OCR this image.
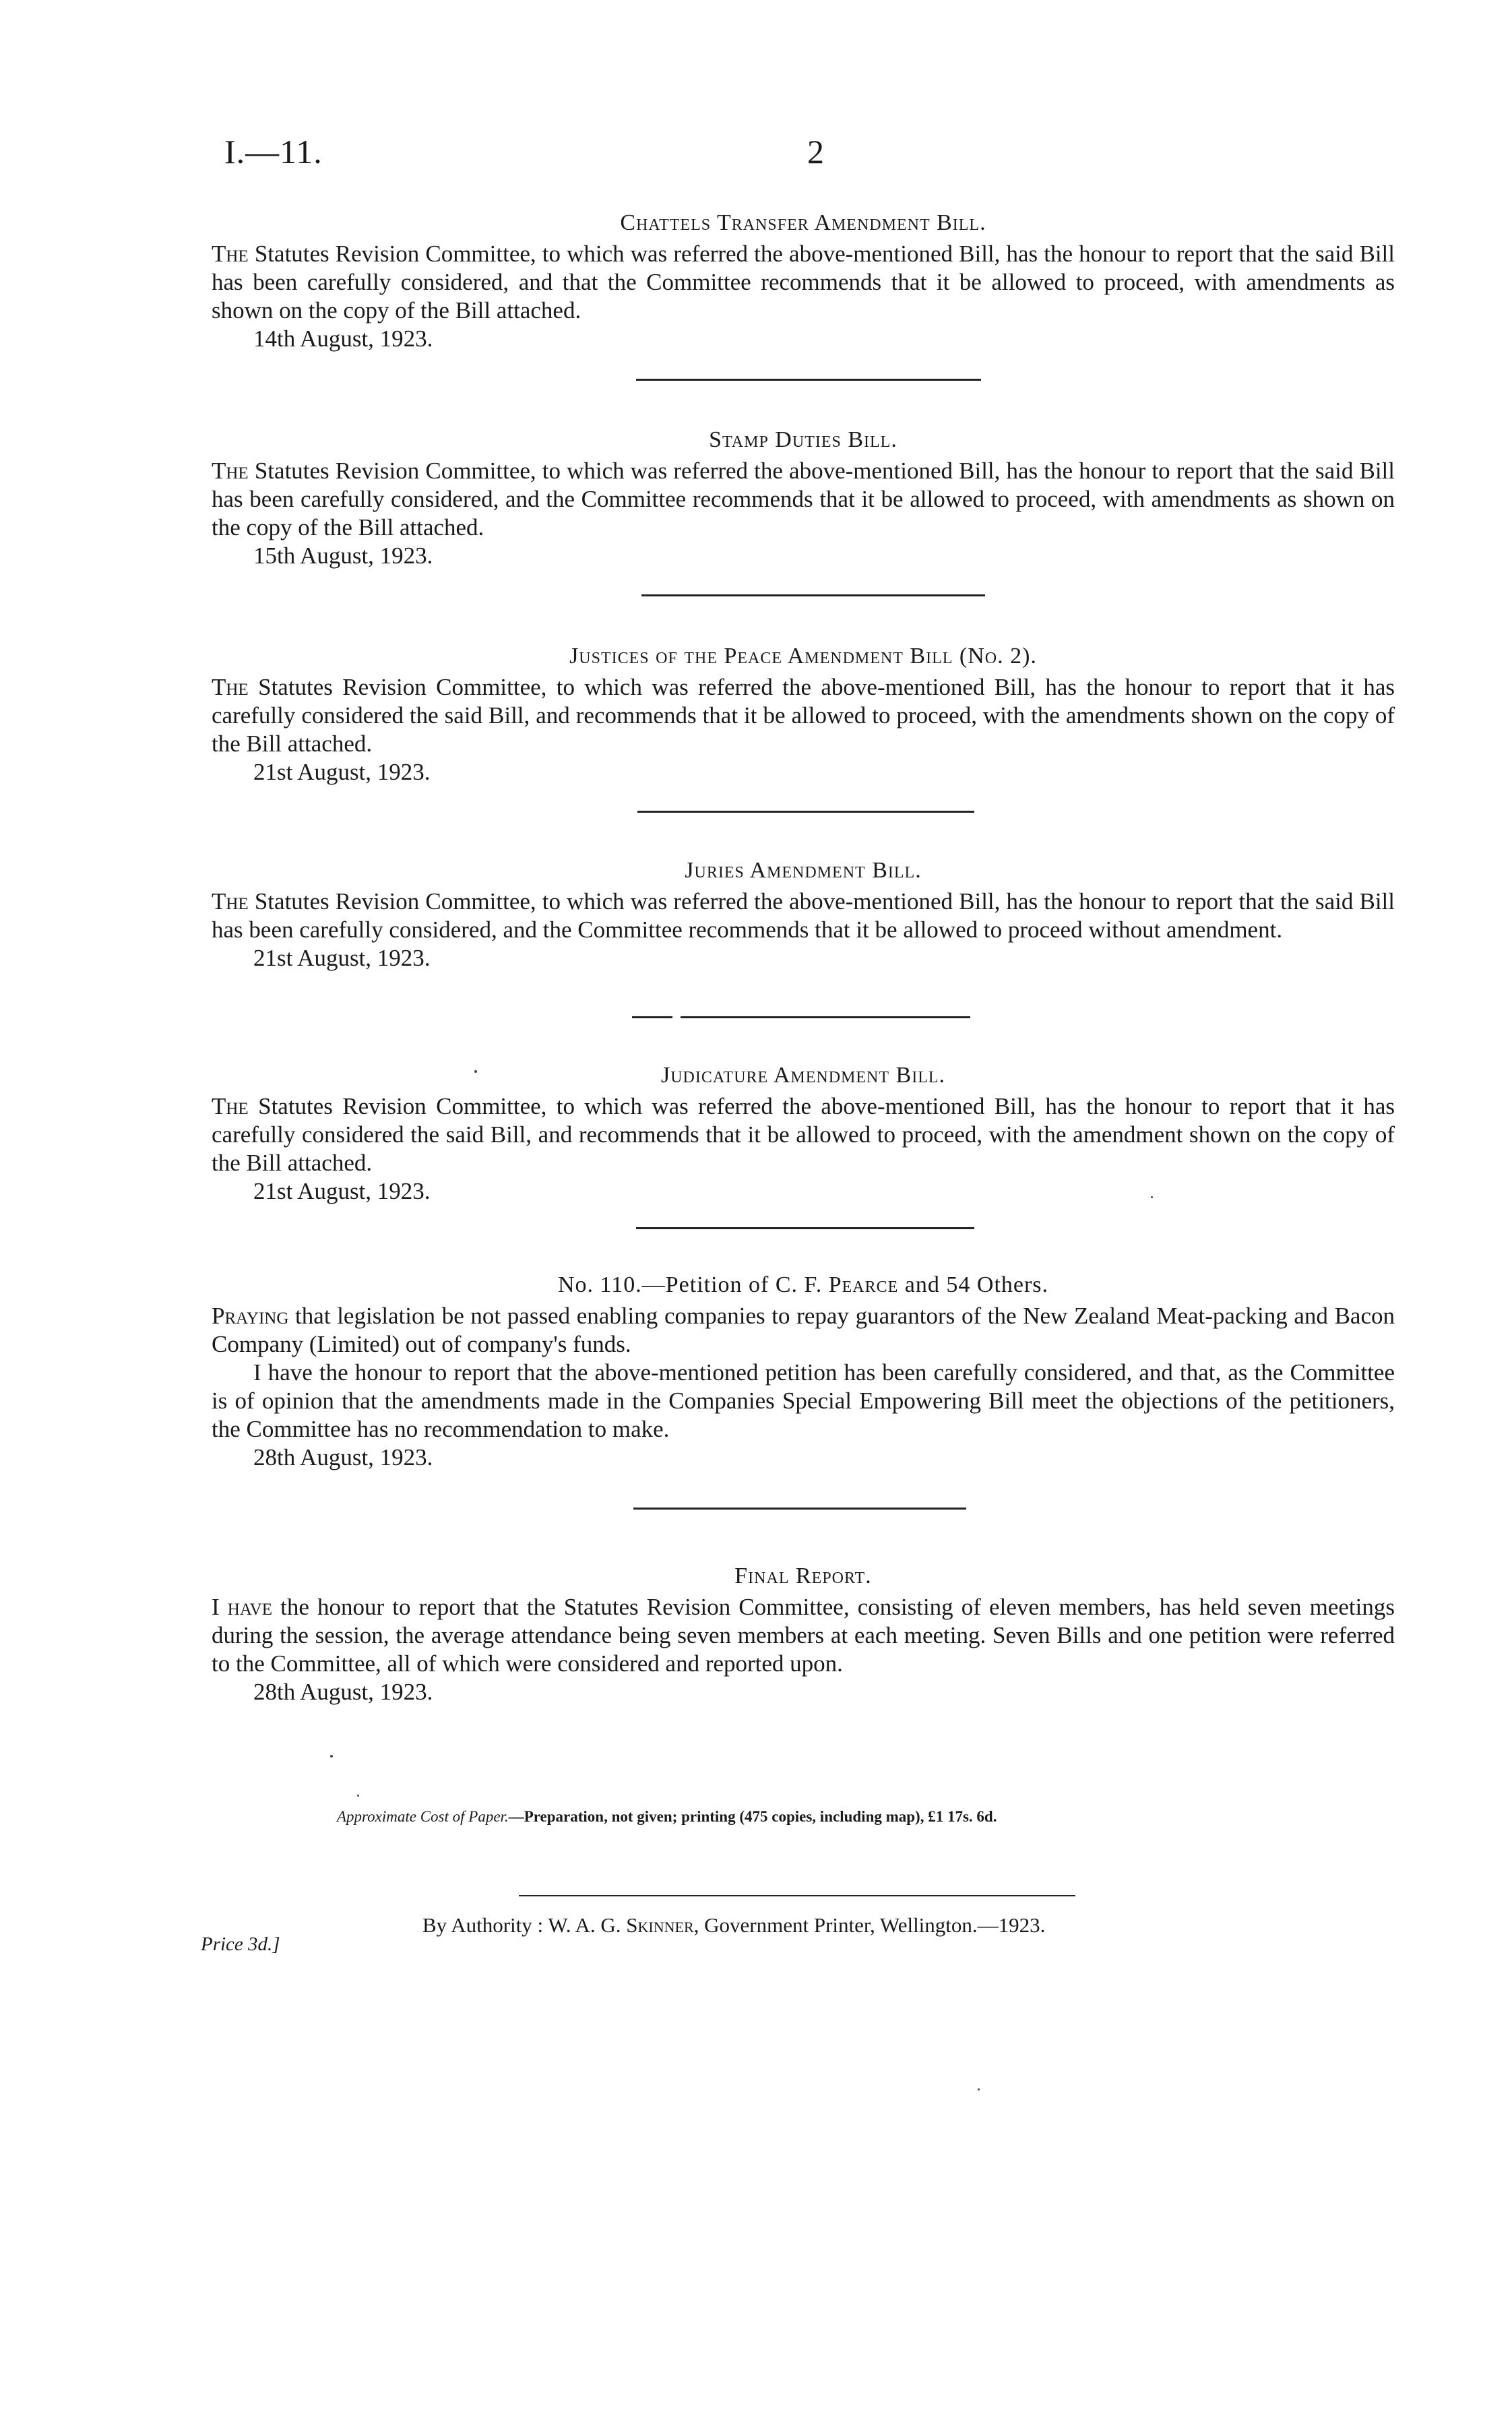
I.—11.	2
Chattels Transfer Amendment Bill.

The Statutes Revision Committee, to which was referred the above-mentioned Bill, has the honour to report that the said Bill has been carefully considered, and that the Committee recommends that it be allowed to proceed, with amendments as shown on the copy of the Bill attached.

14th August, 1923.

Stamp Duties Bill.

The Statutes Revision Committee, to which was referred the above-mentioned Bill, has the honour to report that the said Bill has been carefully considered, and the Committee recommends that it be allowed to proceed, with amendments as shown on the copy of the Bill attached.

15th August, 1923.

Justices of the Peace Amendment Bill (No. 2).

The Statutes Revision Committee, to which was referred the above-mentioned Bill, has the honour to report that it has carefully considered the said Bill, and recommends that it be allowed to proceed, with the amendments shown on the copy of the Bill attached.

21st August, 1923.

Juries Amendment Bill.

The Statutes Revision Committee, to which was referred the above-mentioned Bill, has the honour to report that the said Bill has been carefully considered, and the Committee recommends that it be allowed to proceed without amendment.

21st August, 1923.

Judicature Amendment Bill.

The Statutes Revision Committee, to which was referred the above-mentioned Bill, has the honour to report that it has carefully considered the said Bill, and recommends that it be allowed to proceed, with the amendment shown on the copy of the Bill attached.

21st August, 1923.

No. 110.—Petition of C. F. Pearce and 54 Others.

Praying that legislation be not passed enabling companies to repay guarantors of the New Zealand Meat-packing and Bacon Company (Limited) out of company's funds.

I have the honour to report that the above-mentioned petition has been carefully considered, and that, as the Committee is of opinion that the amendments made in the Companies Special Empowering Bill meet the objections of the petitioners, the Committee has no recommendation to make.

28th August, 1923.

Final Report.

I have the honour to report that the Statutes Revision Committee, consisting of eleven members, has held seven meetings during the session, the average attendance being seven members at each meeting. Seven Bills and one petition were referred to the Committee, all of which were considered and reported upon.

28th August, 1923.

Approximate Cost of Paper.—Preparation, not given; printing (475 copies, including map), £1 17s. 6d.
By Authority : W. A. G. Skinner, Government Printer, Wellington.—1923.
Price 3d.]
